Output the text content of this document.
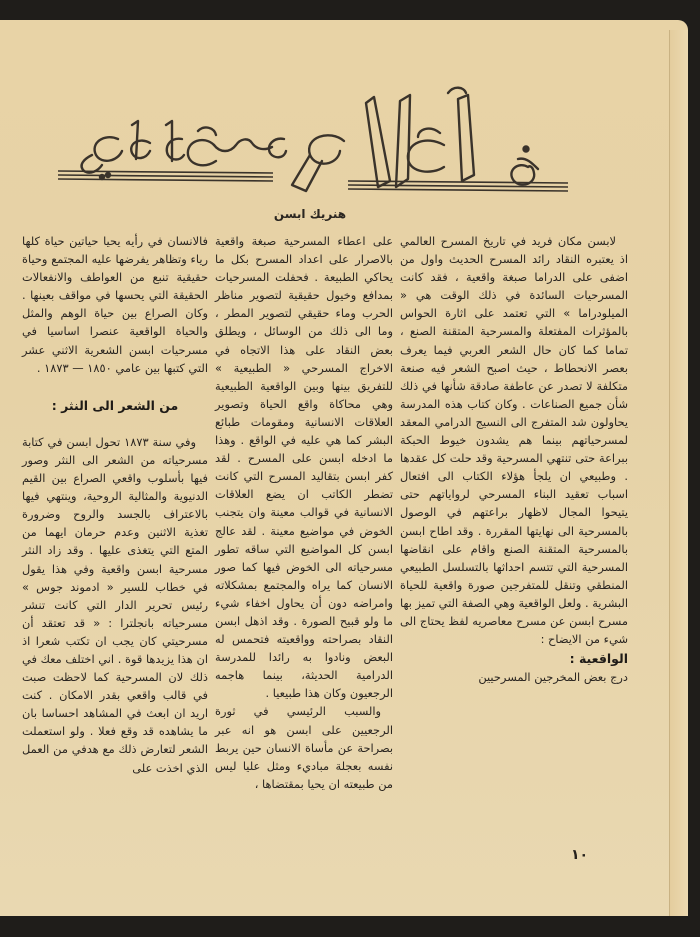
هنريك ابسن

لابسن مكان فريد في تاريخ المسرح العالمي اذ يعتبره النقاد رائد المسرح الحديث واول من اضفى على الدراما صبغة واقعية ، فقد كانت المسرحيات السائدة في ذلك الوقت هي « الميلودراما » التي تعتمد على اثارة الحواس بالمؤثرات المفتعلة والمسرحية المتقنة الصنع ، تماما كما كان حال الشعر العربي فيما يعرف بعصر الانحطاط ، حيث اصبح الشعر فيه صنعة متكلفة لا تصدر عن عاطفة صادقة شأنها في ذلك شأن جميع الصناعات . وكان كتاب هذه المدرسة يحاولون شد المتفرج الى النسيج الدرامي المعقد لمسرحياتهم بينما هم يشدون خيوط الحبكة ببراعة حتى تنتهي المسرحية وقد حلت كل عقدها . وطبيعي ان يلجأ هؤلاء الكتاب الى افتعال اسباب تعقيد البناء المسرحي لرواياتهم حتى يتيحوا المجال لاظهار براعتهم في الوصول بالمسرحية الى نهايتها المقررة . وقد اطاح ابسن بالمسرحية المتقنة الصنع واقام على انقاضها المسرحية التي تتسم احداثها بالتسلسل الطبيعي المنطقي وتنقل للمتفرجين صورة واقعية للحياة البشرية . ولعل الواقعية وهي الصفة التي تميز بها مسرح ابسن عن مسرح معاصريه لفظ يحتاج الى شيء من الايضاح :

الواقعية :

درج بعض المخرجين المسرحيين

على اعطاء المسرحية صبغة واقعية بالاصرار على اعداد المسرح بكل ما يحاكي الطبيعة . فحفلت المسرحيات بمدافع وخيول حقيقية لتصوير مناظر الحرب وماء حقيقي لتصوير المطر ، وما الى ذلك من الوسائل ، ويطلق بعض النقاد على هذا الاتجاه في الاخراج المسرحي « الطبيعية » للتفريق بينها وبين الواقعية الطبيعية وهي محاكاة واقع الحياة وتصوير العلاقات الانسانية ومقومات طبائع البشر كما هي عليه في الواقع . وهذا ما ادخله ابسن على المسرح . لقد كفر ابسن بتقاليد المسرح التي كانت تضطر الكاتب ان يضع العلاقات الانسانية في قوالب معينة وان يتجنب الخوض في مواضيع معينة . لقد عالج ابسن كل المواضيع التي ساقه تطور مسرحياته الى الخوض فيها كما صور الانسان كما يراه والمجتمع بمشكلاته وامراضه دون أن يحاول اخفاء شيء ما ولو قبيح الصورة . وقد اذهل ابسن النقاد بصراحته وواقعيته فتحمس له البعض ونادوا به رائدا للمدرسة الدرامية الحديثة، بينما هاجمه الرجعيون وكان هذا طبيعيا .

والسبب الرئيسي في ثورة الرجعيين على ابسن هو انه عبر بصراحة عن مأساة الانسان حين يربط نفسه بعجلة مباديء ومثل عليا ليس من طبيعته ان يحيا بمقتضاها ،

فالانسان في رأيه يحيا حياتين حياة كلها رياء وتظاهر يفرضها عليه المجتمع وحياة حقيقية تنبع من العواطف والانفعالات الحقيقة التي يحسها في مواقف بعينها . وكان الصراع بين حياة الوهم والمثل والحياة الواقعية عنصرا اساسيا في مسرحيات ابسن الشعرية الاثني عشر التي كتبها بين عامي ١٨٥٠ — ١٨٧٣ .

من الشعر الى النثر :

وفي سنة ١٨٧٣ تحول ابسن في كتابة مسرحياته من الشعر الى النثر وصور فيها بأسلوب واقعي الصراع بين القيم الدنيوية والمثالية الروحية، وينتهي فيها بالاعتراف بالجسد والروح وضرورة تغذية الاثنين وعدم حرمان ايهما من المتع التي يتغذى عليها . وقد زاد النثر مسرحية ابسن واقعية وفي هذا يقول في خطاب للسير « ادموند جوس » رئيس تحرير الدار التي كانت تنشر مسرحياته بانجلترا : « قد تعتقد أن مسرحيتي كان يجب ان تكتب شعرا اذ ان هذا يزيدها قوة . اني اختلف معك في ذلك لان المسرحية كما لاحظت صبت في قالب واقعي بقدر الامكان . كنت اريد ان ابعث في المشاهد احساسا بان ما يشاهده قد وقع فعلا . ولو استعملت الشعر لتعارض ذلك مع هدفي من العمل الذي اخذت على

١٠
